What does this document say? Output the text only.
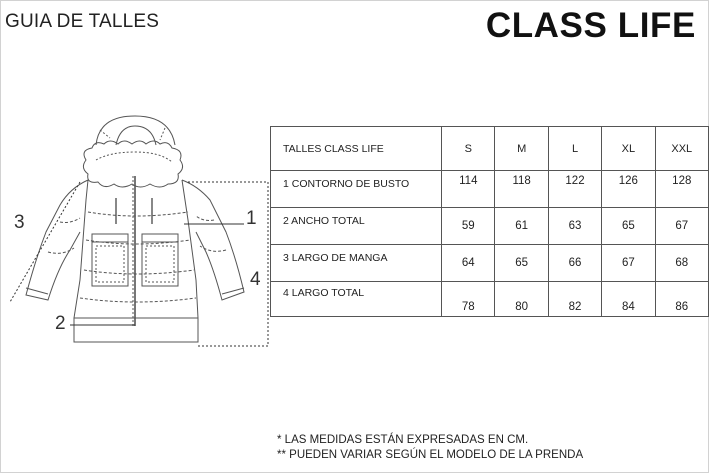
GUIA DE TALLES	CLASS LIFE
3	1
2
4
TALLES CLASS LIFE	S	M	L	XL	XXL
1 CONTORNO DE BUSTO	114	118	122	126	128
2 ANCHO TOTAL	59	61	63	65	67
3 LARGO DE MANGA	64	65	66	67	68
4 LARGO TOTAL	78	80	82	84	86
* LAS MEDIDAS ESTÁN EXPRESADAS EN CM.
** PUEDEN VARIAR SEGÚN EL MODELO DE LA PRENDA
